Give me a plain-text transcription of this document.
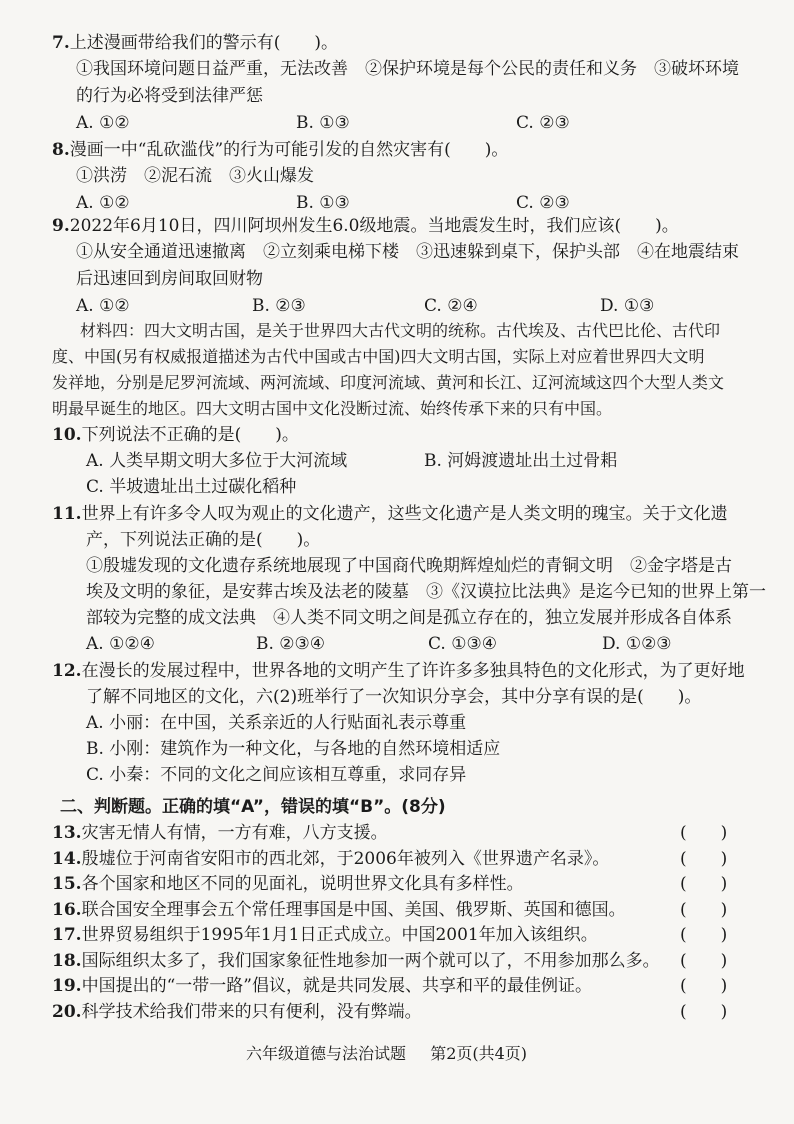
7.上述漫画带给我们的警示有(　　)。
①我国环境问题日益严重，无法改善　②保护环境是每个公民的责任和义务　③破坏环境
的行为必将受到法律严惩
A. ①②	B. ①③	C. ②③
8.漫画一中“乱砍滥伐”的行为可能引发的自然灾害有(　　)。
①洪涝　②泥石流　③火山爆发
A. ①②	B. ①③	C. ②③
9.2022年6月10日，四川阿坝州发生6.0级地震。当地震发生时，我们应该(　　)。
①从安全通道迅速撤离　②立刻乘电梯下楼　③迅速躲到桌下，保护头部　④在地震结束
后迅速回到房间取回财物
A. ①②	B. ②③	C. ②④	D. ①③
材料四：四大文明古国，是关于世界四大古代文明的统称。古代埃及、古代巴比伦、古代印
度、中国(另有权威报道描述为古代中国或古中国)四大文明古国，实际上对应着世界四大文明
发祥地，分别是尼罗河流域、两河流域、印度河流域、黄河和长江、辽河流域这四个大型人类文
明最早诞生的地区。四大文明古国中文化没断过流、始终传承下来的只有中国。
10.下列说法不正确的是(　　)。
A. 人类早期文明大多位于大河流域	B. 河姆渡遗址出土过骨耜
C. 半坡遗址出土过碳化稻种
11.世界上有许多令人叹为观止的文化遗产，这些文化遗产是人类文明的瑰宝。关于文化遗
产，下列说法正确的是(　　)。
①殷墟发现的文化遗存系统地展现了中国商代晚期辉煌灿烂的青铜文明　②金字塔是古
埃及文明的象征，是安葬古埃及法老的陵墓　③《汉谟拉比法典》是迄今已知的世界上第一
部较为完整的成文法典　④人类不同文明之间是孤立存在的，独立发展并形成各自体系
A. ①②④	B. ②③④	C. ①③④	D. ①②③
12.在漫长的发展过程中，世界各地的文明产生了许许多多独具特色的文化形式，为了更好地
了解不同地区的文化，六(2)班举行了一次知识分享会，其中分享有误的是(　　)。
A. 小丽：在中国，关系亲近的人行贴面礼表示尊重
B. 小刚：建筑作为一种文化，与各地的自然环境相适应
C. 小秦：不同的文化之间应该相互尊重，求同存异
二、判断题。正确的填“A”，错误的填“B”。(8分)
13.灾害无情人有情，一方有难，八方支援。	(　　)
14.殷墟位于河南省安阳市的西北郊，于2006年被列入《世界遗产名录》。	(　　)
15.各个国家和地区不同的见面礼，说明世界文化具有多样性。	(　　)
16.联合国安全理事会五个常任理事国是中国、美国、俄罗斯、英国和德国。	(　　)
17.世界贸易组织于1995年1月1日正式成立。中国2001年加入该组织。	(　　)
18.国际组织太多了，我们国家象征性地参加一两个就可以了，不用参加那么多。 (　　)
19.中国提出的“一带一路”倡议，就是共同发展、共享和平的最佳例证。	(　　)
20.科学技术给我们带来的只有便利，没有弊端。	(　　)
六年级道德与法治试题 第2页(共4页)
